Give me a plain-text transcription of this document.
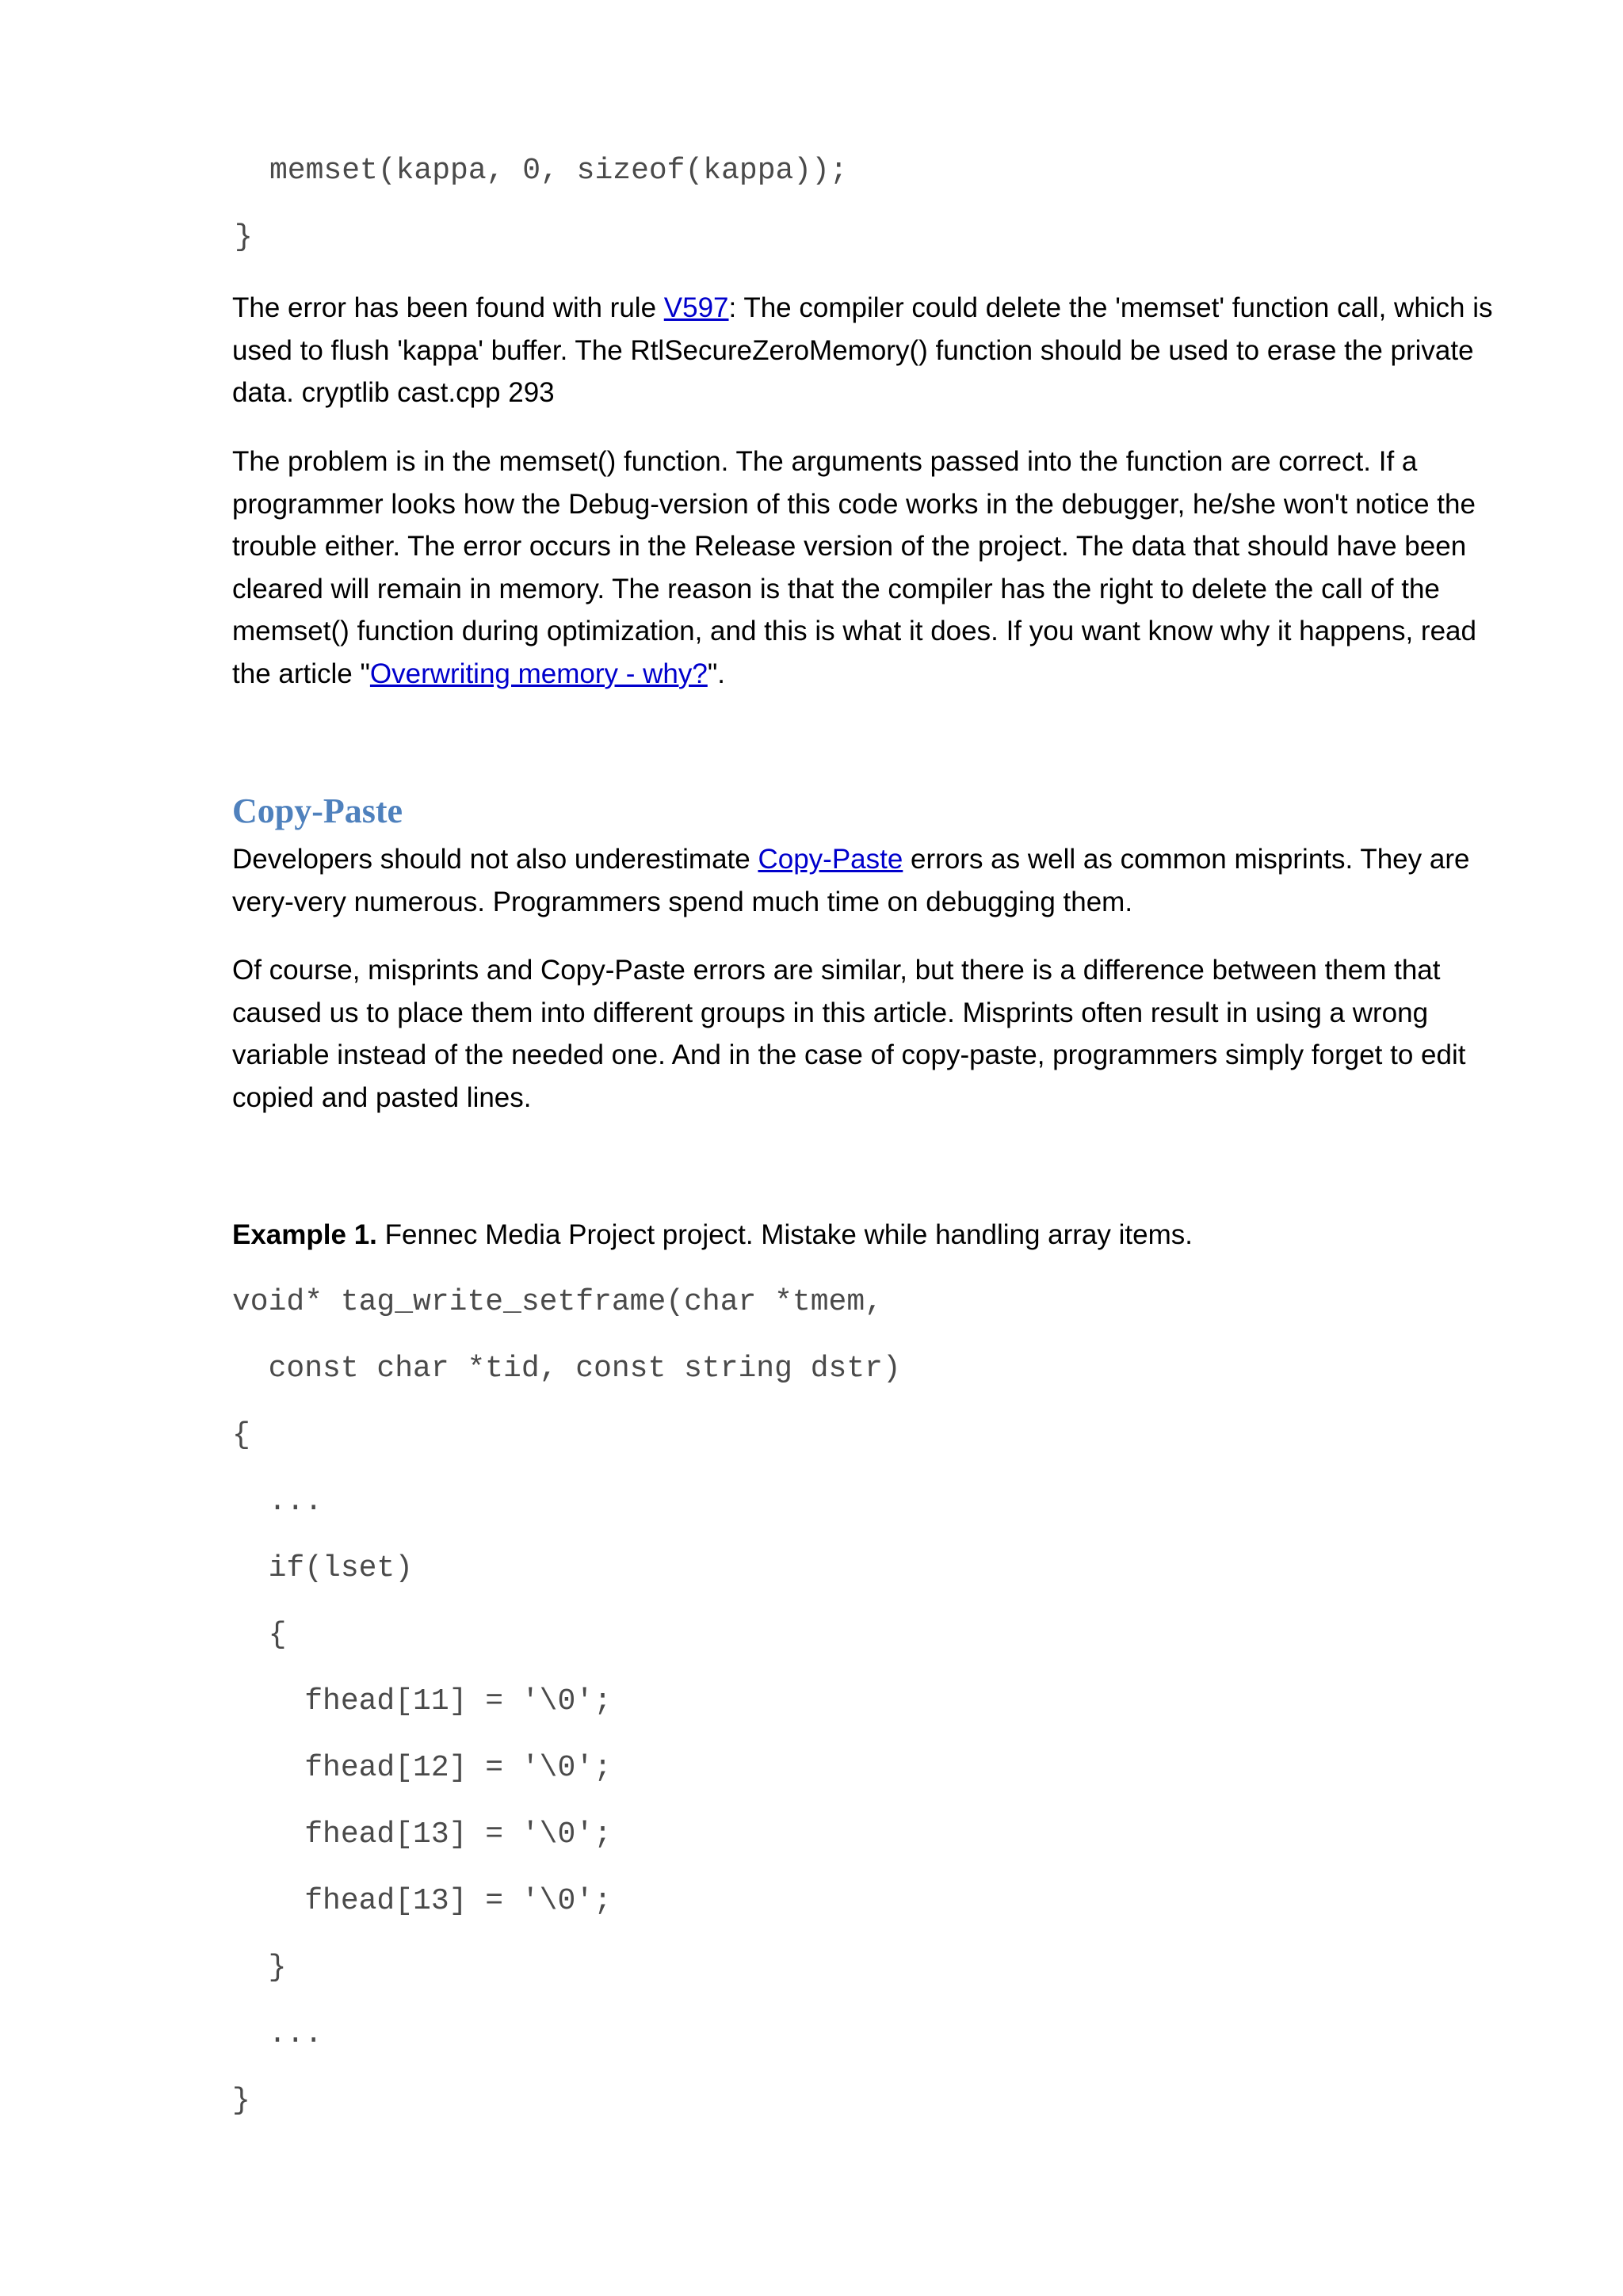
memset(kappa, 0, sizeof(kappa));
}

The error has been found with rule V597: The compiler could delete the 'memset' function call, which is used to flush 'kappa' buffer. The RtlSecureZeroMemory() function should be used to erase the private data. cryptlib cast.cpp 293

The problem is in the memset() function. The arguments passed into the function are correct. If a programmer looks how the Debug-version of this code works in the debugger, he/she won't notice the trouble either. The error occurs in the Release version of the project. The data that should have been cleared will remain in memory. The reason is that the compiler has the right to delete the call of the memset() function during optimization, and this is what it does. If you want know why it happens, read the article "Overwriting memory - why?".

Copy-Paste

Developers should not also underestimate Copy-Paste errors as well as common misprints. They are very-very numerous. Programmers spend much time on debugging them.

Of course, misprints and Copy-Paste errors are similar, but there is a difference between them that caused us to place them into different groups in this article. Misprints often result in using a wrong variable instead of the needed one. And in the case of copy-paste, programmers simply forget to edit copied and pasted lines.

Example 1. Fennec Media Project project. Mistake while handling array items.

void* tag_write_setframe(char *tmem,
const char *tid, const string dstr)
{
...
if(lset)
{
fhead[11] = '\0';
fhead[12] = '\0';
fhead[13] = '\0';
fhead[13] = '\0';
}
...
}
